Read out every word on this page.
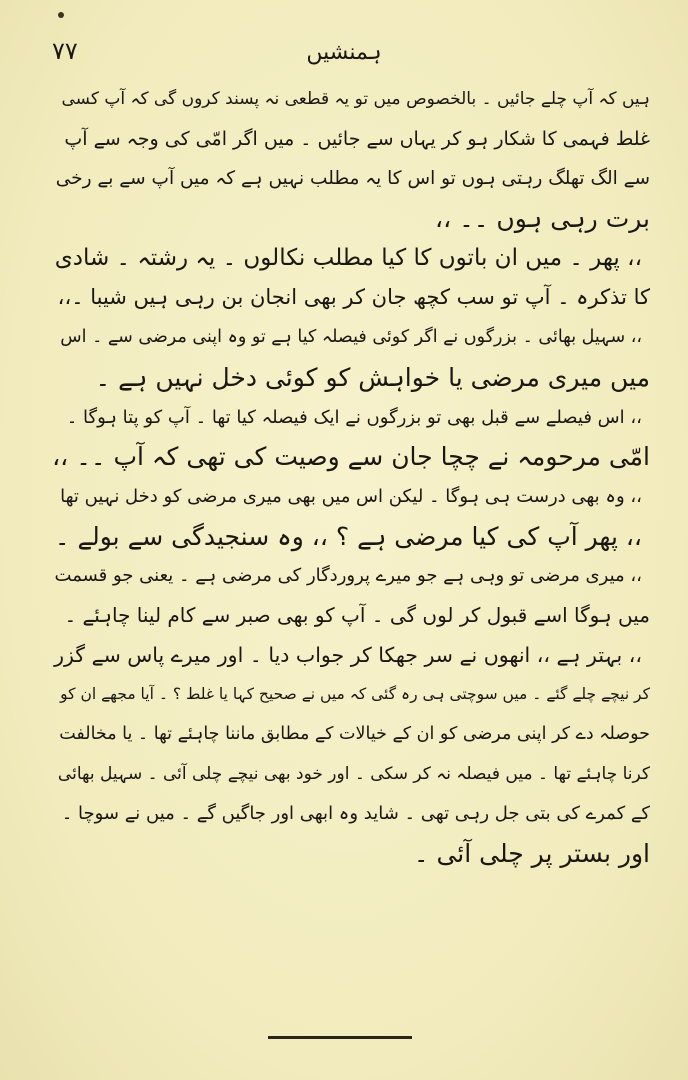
ہمنشیں
۷۷
ہیں کہ آپ چلے جائیں ۔ بالخصوص میں تو یہ قطعی نہ پسند کروں گی کہ آپ کسی
غلط فہمی کا شکار ہو کر یہاں سے جائیں ۔ میں اگر امّی کی وجہ سے آپ
سے الگ تھلگ رہتی ہوں تو اس کا یہ مطلب نہیں ہے کہ میں آپ سے بے رخی
برت رہی ہوں ۔۔ ،،
،، پھر ۔ میں ان باتوں کا کیا مطلب نکالوں ۔ یہ رشتہ ۔ شادی
کا تذکرہ ۔ آپ تو سب کچھ جان کر بھی انجان بن رہی ہیں شیبا ۔،،
،، سہیل بھائی ۔ بزرگوں نے اگر کوئی فیصلہ کیا ہے تو وہ اپنی مرضی سے ۔ اس
میں میری مرضی یا خواہش کو کوئی دخل نہیں ہے ۔
،، اس فیصلے سے قبل بھی تو بزرگوں نے ایک فیصلہ کیا تھا ۔ آپ کو پتا ہوگا ۔
امّی مرحومہ نے چچا جان سے وصیت کی تھی کہ آپ ۔۔ ،،
،، وہ بھی درست ہی ہوگا ۔ لیکن اس میں بھی میری مرضی کو دخل نہیں تھا
،، پھر آپ کی کیا مرضی ہے ؟ ،، وہ سنجیدگی سے بولے ۔
،، میری مرضی تو وہی ہے جو میرے پروردگار کی مرضی ہے ۔ یعنی جو قسمت
میں ہوگا اسے قبول کر لوں گی ۔ آپ کو بھی صبر سے کام لینا چاہئے ۔
،، بہتر ہے ،، انھوں نے سر جھکا کر جواب دیا ۔ اور میرے پاس سے گزر
کر نیچے چلے گئے ۔ میں سوچتی ہی رہ گئی کہ میں نے صحیح کہا یا غلط ؟ ۔ آیا مجھے ان کو
حوصلہ دے کر اپنی مرضی کو ان کے خیالات کے مطابق ماننا چاہئے تھا ۔ یا مخالفت
کرنا چاہئے تھا ۔ میں فیصلہ نہ کر سکی ۔ اور خود بھی نیچے چلی آئی ۔ سہیل بھائی
کے کمرے کی بتی جل رہی تھی ۔ شاید وہ ابھی اور جاگیں گے ۔ میں نے سوچا ۔
اور بستر پر چلی آئی ۔
